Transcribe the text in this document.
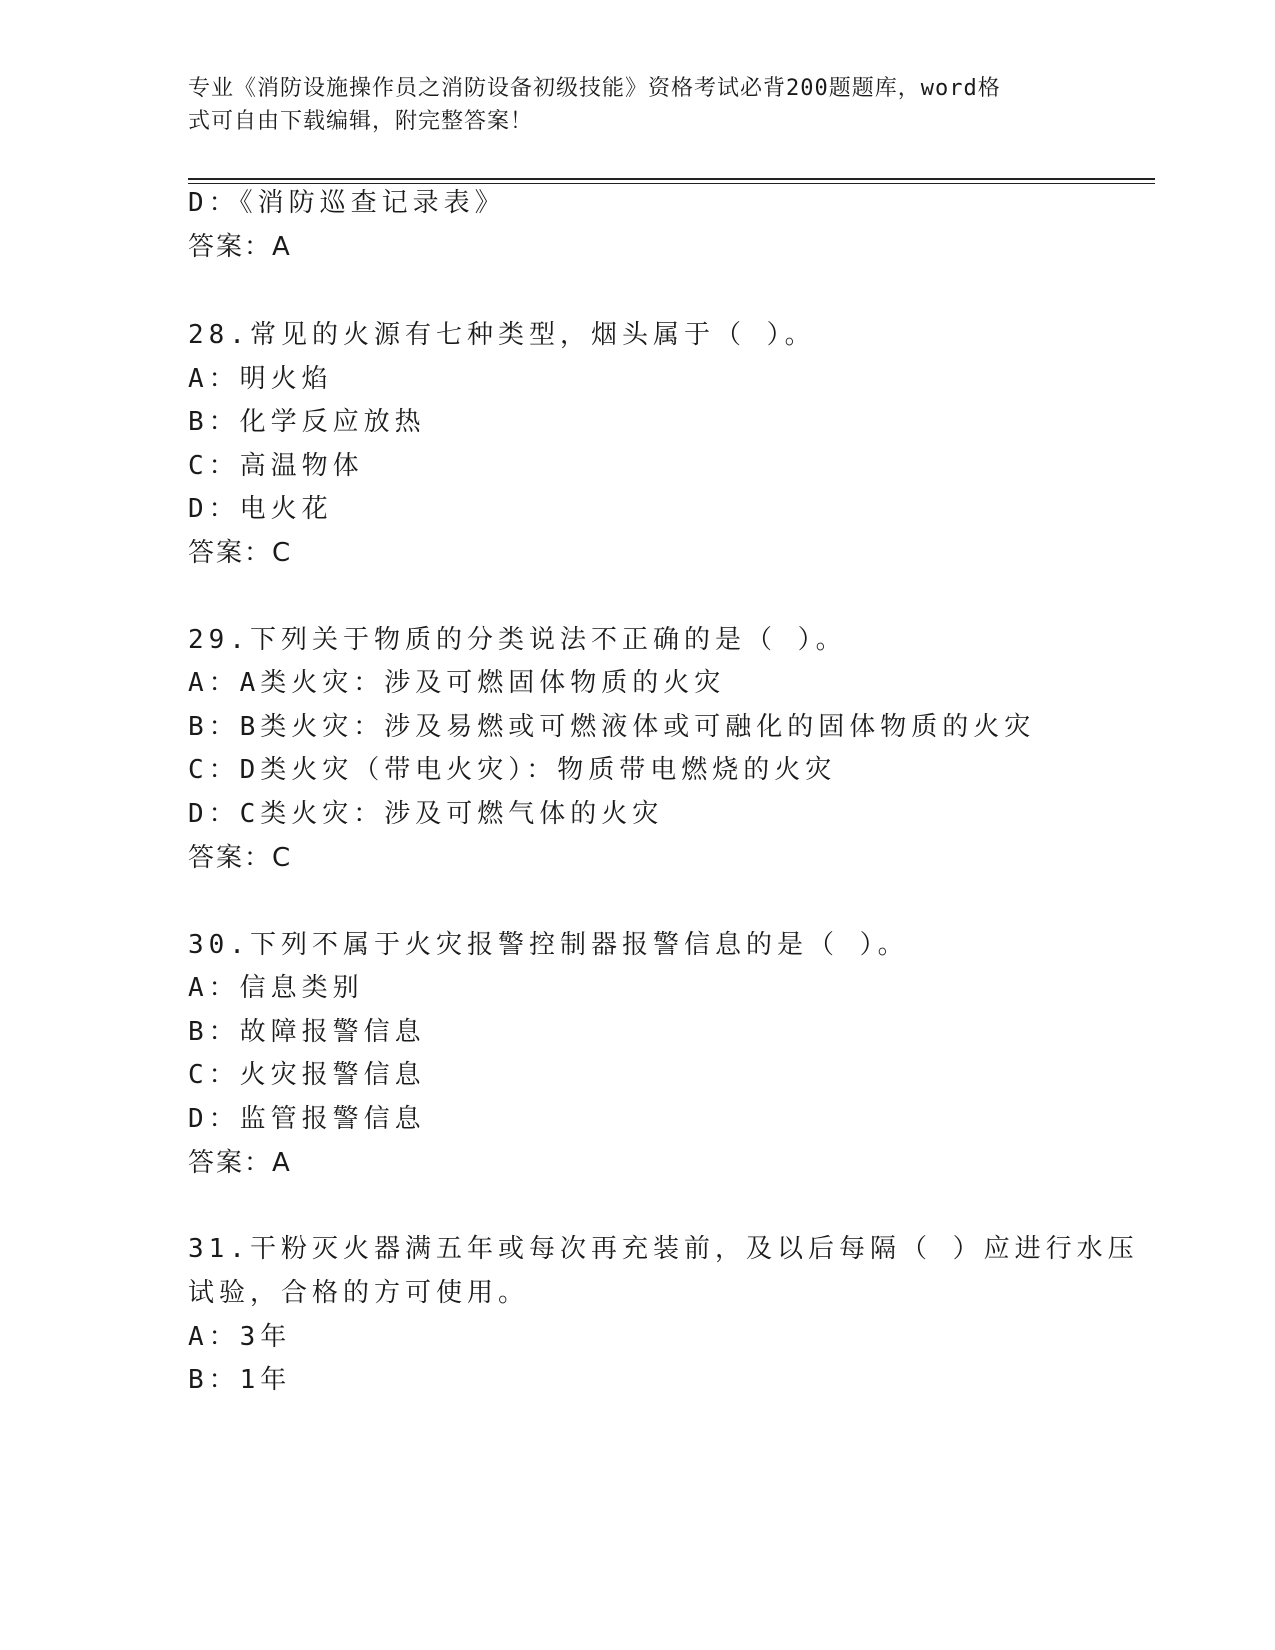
专业《消防设施操作员之消防设备初级技能》资格考试必背200题题库，word格
式可自由下载编辑，附完整答案！
D：《消防巡查记录表》
答案：A
28.常见的火源有七种类型，烟头属于（ ）。
A：明火焰
B：化学反应放热
C：高温物体
D：电火花
答案：C
29.下列关于物质的分类说法不正确的是（ ）。
A：A类火灾：涉及可燃固体物质的火灾
B：B类火灾：涉及易燃或可燃液体或可融化的固体物质的火灾
C：D类火灾（带电火灾）：物质带电燃烧的火灾
D：C类火灾：涉及可燃气体的火灾
答案：C
30.下列不属于火灾报警控制器报警信息的是（ ）。
A：信息类别
B：故障报警信息
C：火灾报警信息
D：监管报警信息
答案：A
31.干粉灭火器满五年或每次再充装前，及以后每隔（ ）应进行水压
试验，合格的方可使用。
A：3年
B：1年
